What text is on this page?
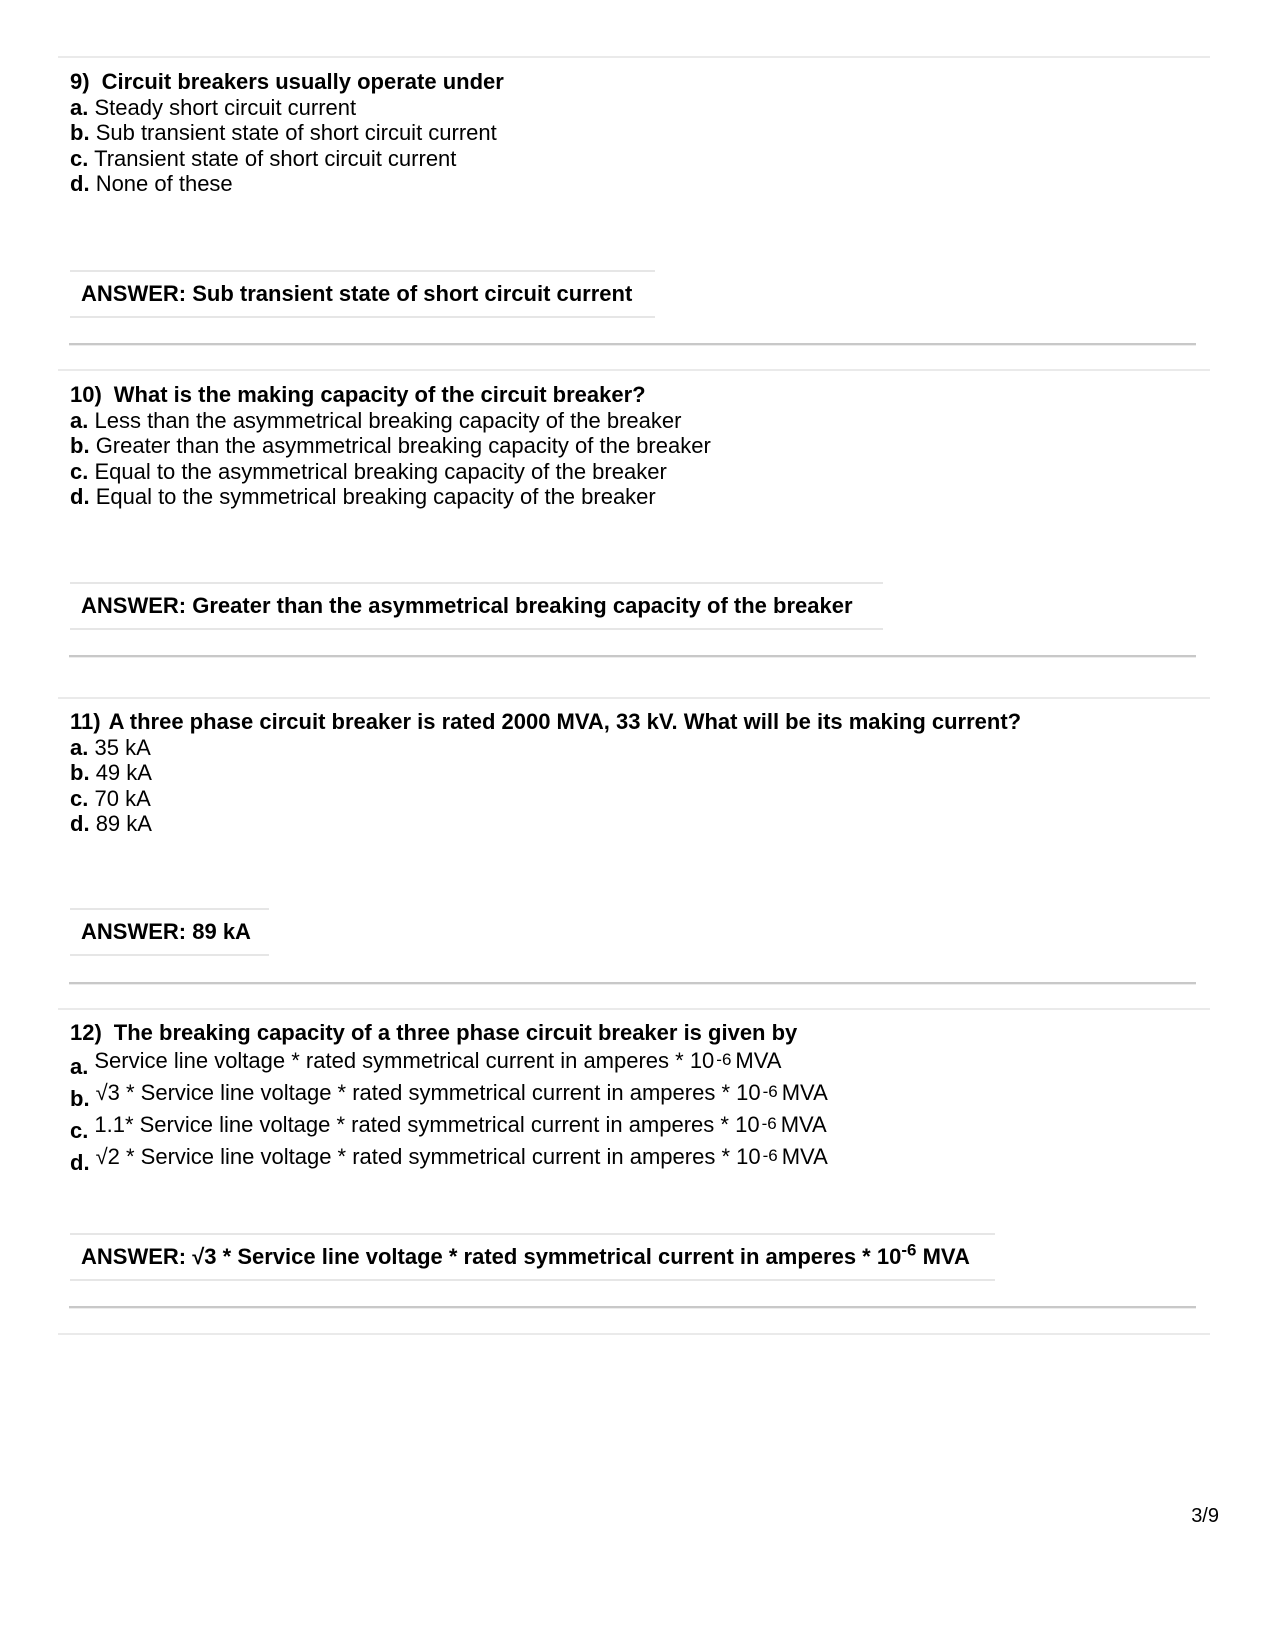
9) Circuit breakers usually operate under
a. Steady short circuit current
b. Sub transient state of short circuit current
c. Transient state of short circuit current
d. None of these
ANSWER: Sub transient state of short circuit current
10) What is the making capacity of the circuit breaker?
a. Less than the asymmetrical breaking capacity of the breaker
b. Greater than the asymmetrical breaking capacity of the breaker
c. Equal to the asymmetrical breaking capacity of the breaker
d. Equal to the symmetrical breaking capacity of the breaker
ANSWER: Greater than the asymmetrical breaking capacity of the breaker
11) A three phase circuit breaker is rated 2000 MVA, 33 kV. What will be its making current?
a. 35 kA
b. 49 kA
c. 70 kA
d. 89 kA
ANSWER: 89 kA
12) The breaking capacity of a three phase circuit breaker is given by
a. Service line voltage * rated symmetrical current in amperes * 10 -6 MVA
b. √3 * Service line voltage * rated symmetrical current in amperes * 10 -6 MVA
c. 1.1* Service line voltage * rated symmetrical current in amperes * 10 -6 MVA
d. √2 * Service line voltage * rated symmetrical current in amperes * 10 -6 MVA
ANSWER: √3 * Service line voltage * rated symmetrical current in amperes * $10^{-6}$ MVA
3/9
